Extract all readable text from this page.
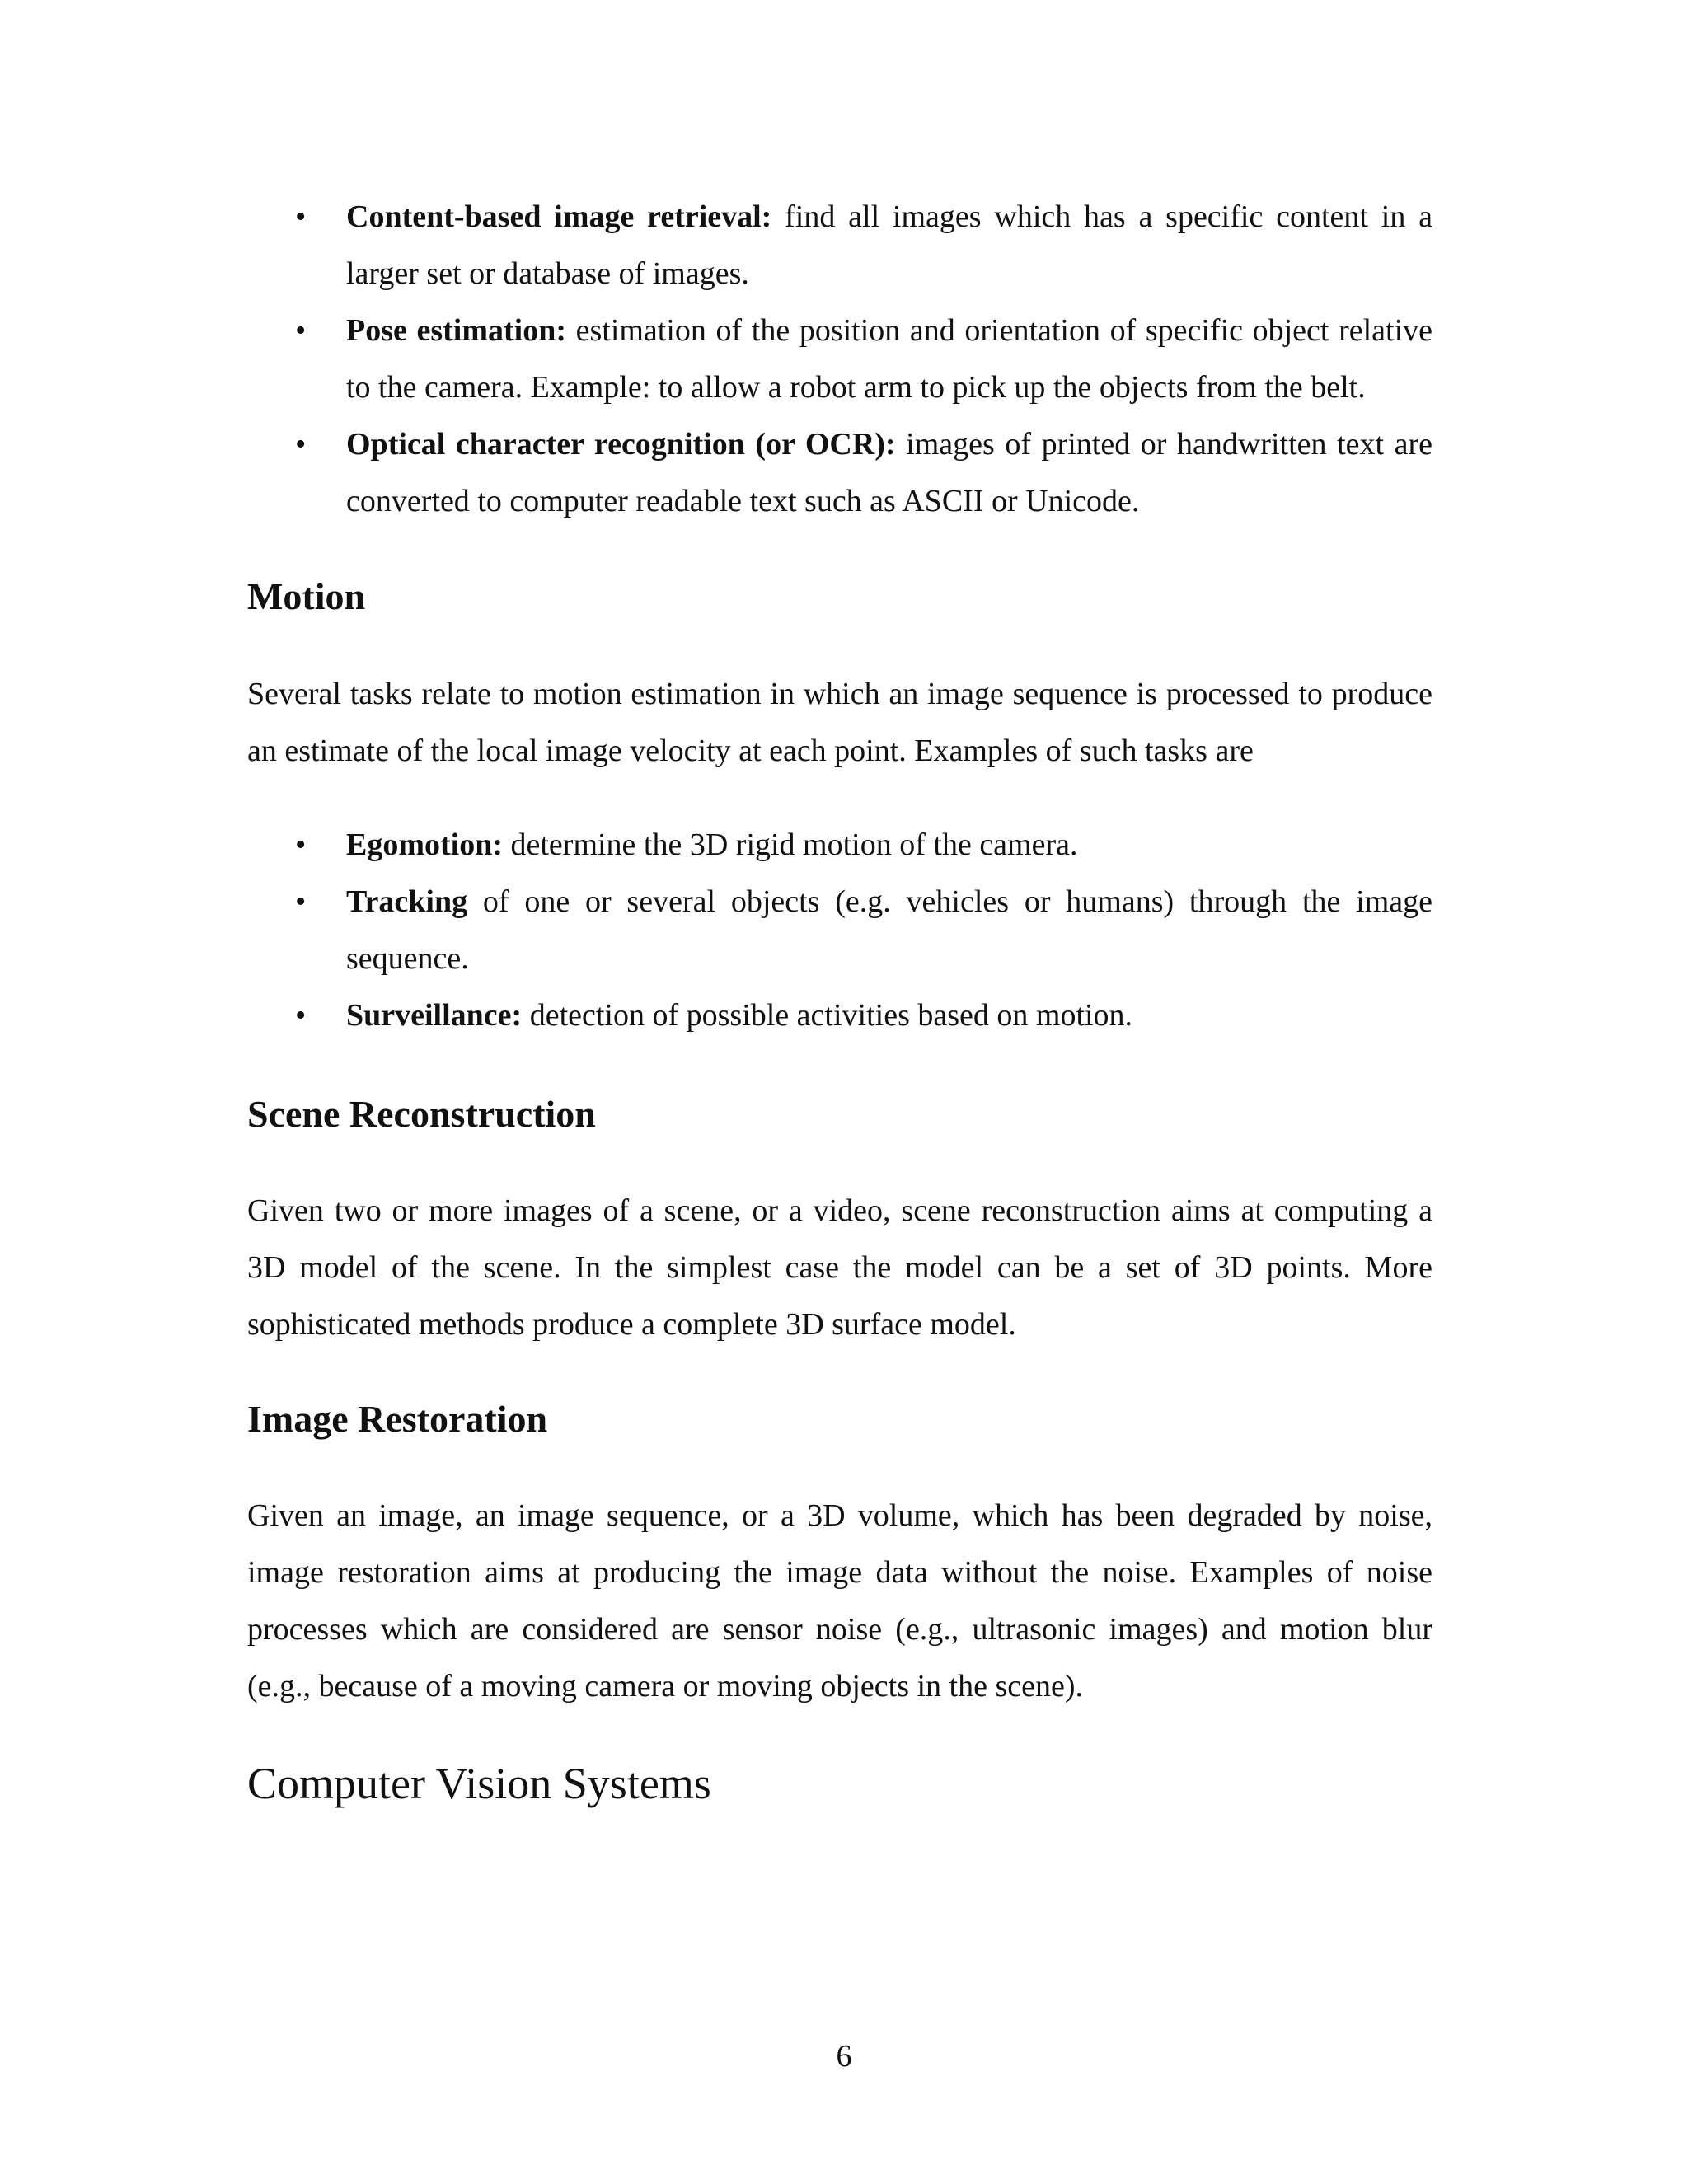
• Content-based image retrieval: find all images which has a specific content in a larger set or database of images.
• Pose estimation: estimation of the position and orientation of specific object relative to the camera. Example: to allow a robot arm to pick up the objects from the belt.
• Optical character recognition (or OCR): images of printed or handwritten text are converted to computer readable text such as ASCII or Unicode.
Motion

Several tasks relate to motion estimation in which an image sequence is processed to produce an estimate of the local image velocity at each point. Examples of such tasks are

• Egomotion: determine the 3D rigid motion of the camera.
• Tracking of one or several objects (e.g. vehicles or humans) through the image sequence.
• Surveillance: detection of possible activities based on motion.
Scene Reconstruction

Given two or more images of a scene, or a video, scene reconstruction aims at computing a 3D model of the scene. In the simplest case the model can be a set of 3D points. More sophisticated methods produce a complete 3D surface model.

Image Restoration

Given an image, an image sequence, or a 3D volume, which has been degraded by noise, image restoration aims at producing the image data without the noise. Examples of noise processes which are considered are sensor noise (e.g., ultrasonic images) and motion blur (e.g., because of a moving camera or moving objects in the scene).

Computer Vision Systems
6
